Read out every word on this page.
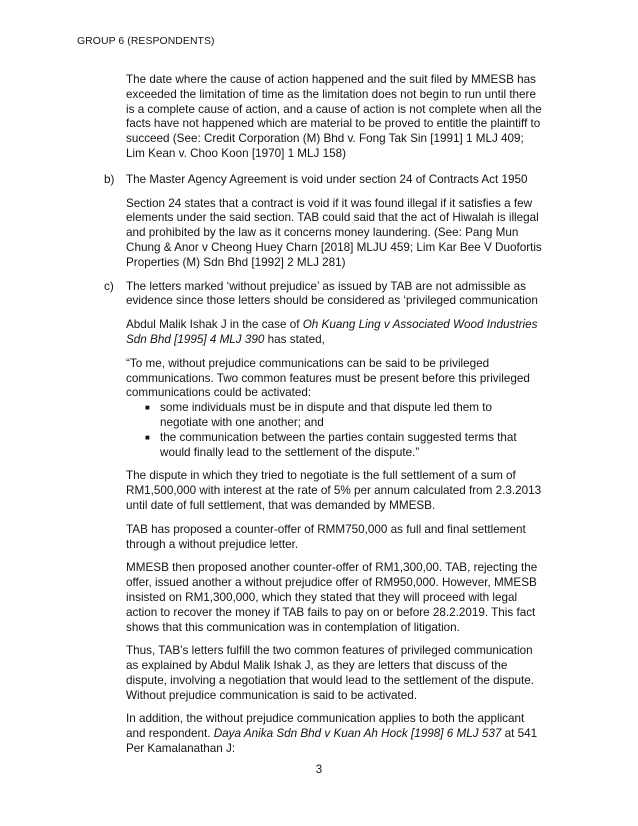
GROUP 6 (RESPONDENTS)

The date where the cause of action happened and the suit filed by MMESB has exceeded the limitation of time as the limitation does not begin to run until there is a complete cause of action, and a cause of action is not complete when all the facts have not happened which are material to be proved to entitle the plaintiff to succeed (See: Credit Corporation (M) Bhd v. Fong Tak Sin [1991] 1 MLJ 409; Lim Kean v. Choo Koon [1970] 1 MLJ 158)

b) The Master Agency Agreement is void under section 24 of Contracts Act 1950

Section 24 states that a contract is void if it was found illegal if it satisfies a few elements under the said section. TAB could said that the act of Hiwalah is illegal and prohibited by the law as it concerns money laundering. (See: Pang Mun Chung & Anor v Cheong Huey Charn [2018] MLJU 459; Lim Kar Bee V Duofortis Properties (M) Sdn Bhd [1992] 2 MLJ 281)

c) The letters marked ‘without prejudice’ as issued by TAB are not admissible as evidence since those letters should be considered as ‘privileged communication

Abdul Malik Ishak J in the case of Oh Kuang Ling v Associated Wood Industries Sdn Bhd [1995] 4 MLJ 390 has stated,

“To me, without prejudice communications can be said to be privileged communications. Two common features must be present before this privileged communications could be activated:

■ some individuals must be in dispute and that dispute led them to negotiate with one another; and
■ the communication between the parties contain suggested terms that would finally lead to the settlement of the dispute.”

The dispute in which they tried to negotiate is the full settlement of a sum of RM1,500,000 with interest at the rate of 5% per annum calculated from 2.3.2013 until date of full settlement, that was demanded by MMESB.

TAB has proposed a counter-offer of RMM750,000 as full and final settlement through a without prejudice letter.

MMESB then proposed another counter-offer of RM1,300,00. TAB, rejecting the offer, issued another a without prejudice offer of RM950,000. However, MMESB insisted on RM1,300,000, which they stated that they will proceed with legal action to recover the money if TAB fails to pay on or before 28.2.2019. This fact shows that this communication was in contemplation of litigation.

Thus, TAB’s letters fulfill the two common features of privileged communication as explained by Abdul Malik Ishak J, as they are letters that discuss of the dispute, involving a negotiation that would lead to the settlement of the dispute. Without prejudice communication is said to be activated.

In addition, the without prejudice communication applies to both the applicant and respondent. Daya Anika Sdn Bhd v Kuan Ah Hock [1998] 6 MLJ 537 at 541 Per Kamalanathan J:

3
